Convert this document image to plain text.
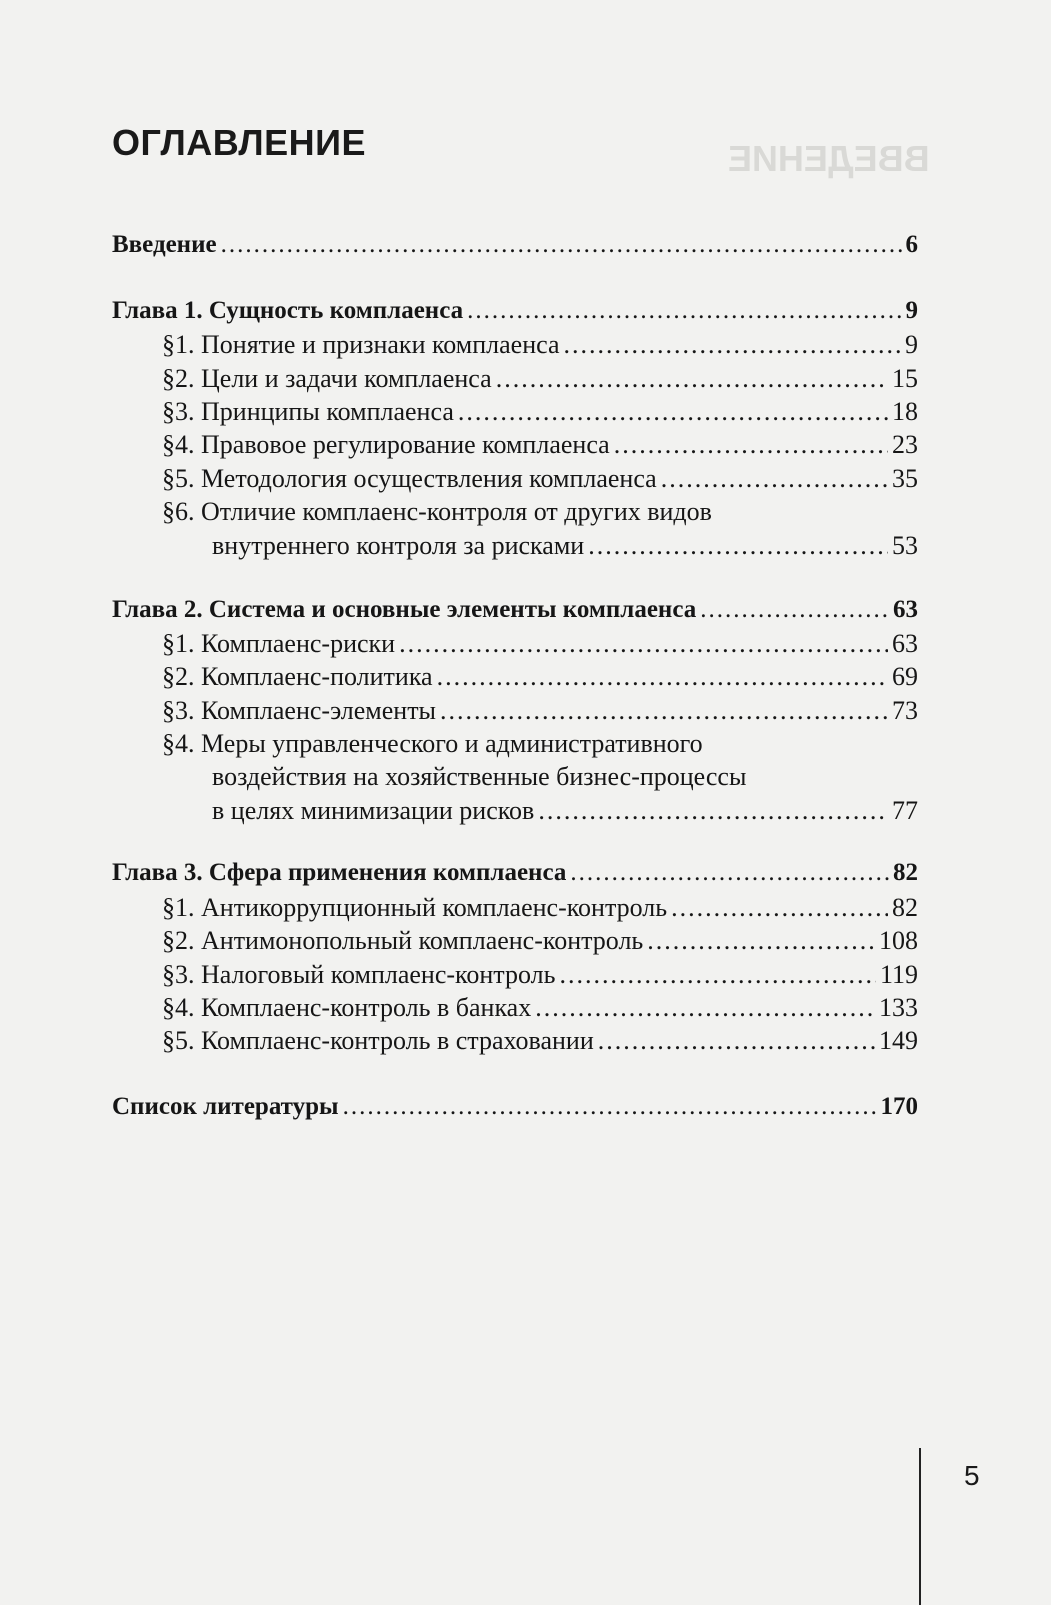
ВВЕДЕНИЕ
ОГЛАВЛЕНИЕ
Введение .....	6
Глава 1. Сущность комплаенса .....	9
§1. Понятие и признаки комплаенса .....	9
§2. Цели и задачи комплаенса .....	15
§3. Принципы комплаенса .....	18
§4. Правовое регулирование комплаенса .....	23
§5. Методология осуществления комплаенса .....	35
§6. Отличие комплаенс-контроля от других видов
внутреннего контроля за рисками .....	53
Глава 2. Система и основные элементы комплаенса .....	63
§1. Комплаенс-риски .....	63
§2. Комплаенс-политика .....	69
§3. Комплаенс-элементы .....	73
§4. Меры управленческого и административного
воздействия на хозяйственные бизнес-процессы
в целях минимизации рисков .....	77
Глава 3. Сфера применения комплаенса .....	82
§1. Антикоррупционный комплаенс-контроль .....	82
§2. Антимонопольный комплаенс-контроль .....	108
§3. Налоговый комплаенс-контроль .....	119
§4. Комплаенс-контроль в банках .....	133
§5. Комплаенс-контроль в страховании .....	149
Список литературы .....	170
5
